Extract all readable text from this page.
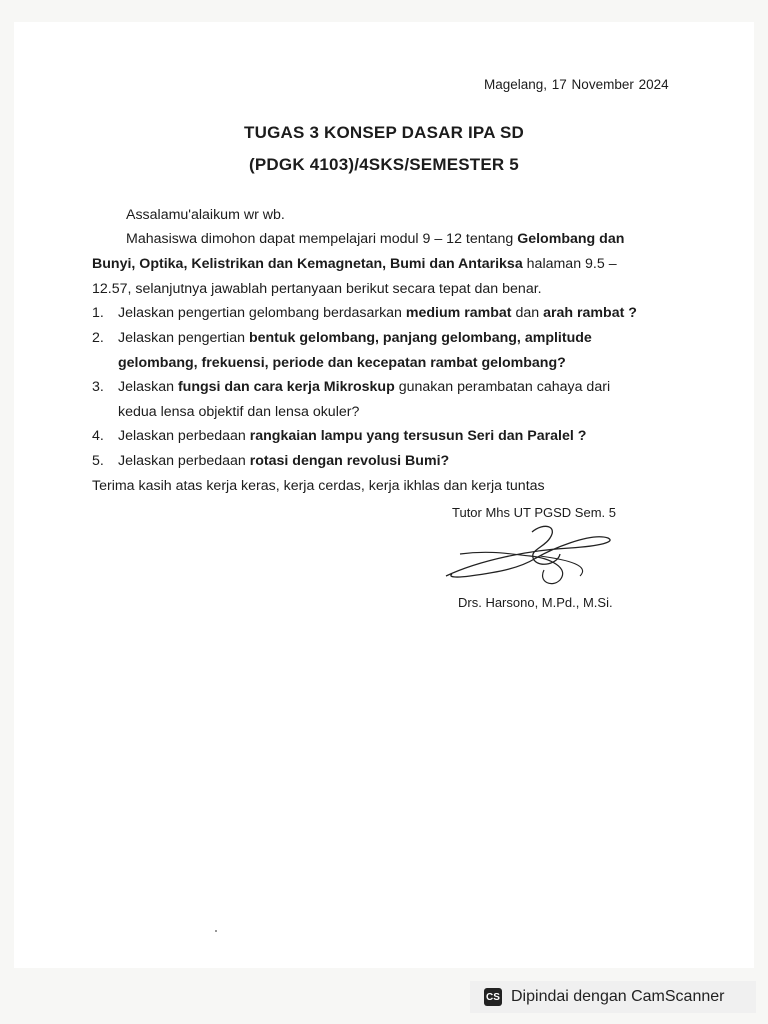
Magelang, 17 November 2024
TUGAS 3 KONSEP DASAR IPA SD
(PDGK 4103)/4SKS/SEMESTER 5
Assalamu'alaikum wr wb.
Mahasiswa dimohon dapat mempelajari modul 9 – 12 tentang Gelombang dan
Bunyi, Optika, Kelistrikan dan Kemagnetan, Bumi dan Antariksa halaman 9.5 –
12.57, selanjutnya jawablah pertanyaan berikut secara tepat dan benar.
1. Jelaskan pengertian gelombang berdasarkan medium rambat dan arah rambat ?
2. Jelaskan pengertian bentuk gelombang, panjang gelombang, amplitude
gelombang, frekuensi, periode dan kecepatan rambat gelombang?
3. Jelaskan fungsi dan cara kerja Mikroskup gunakan perambatan cahaya dari
kedua lensa objektif dan lensa okuler?
4. Jelaskan perbedaan rangkaian lampu yang tersusun Seri dan Paralel ?
5. Jelaskan perbedaan rotasi dengan revolusi Bumi?
Terima kasih atas kerja keras, kerja cerdas, kerja ikhlas dan kerja tuntas
Tutor Mhs UT PGSD Sem. 5
Drs. Harsono, M.Pd., M.Si.
CS Dipindai dengan CamScanner
